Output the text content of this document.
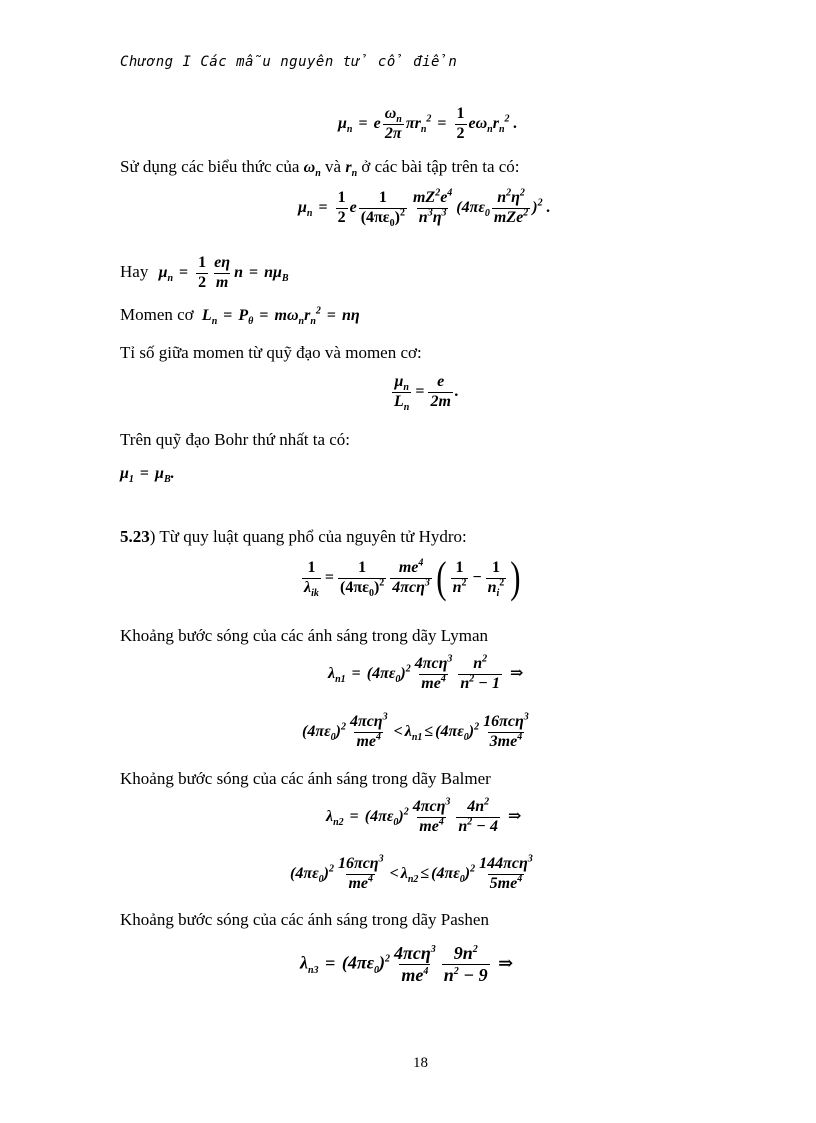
Chương I Các mẫu nguyên tử cổ điển
$\mu_n = e \frac{\omega_n}{2\pi} \pi r_n^2 = \frac{1}{2} e\omega_nr_n^2$ .
Sử dụng các biểu thức của $\omega_n$ và $r_n$ ở các bài tập trên ta có:
$\mu_n = \frac{1}{2}$ e $\frac{1}{(4\pi\varepsilon_0)^2} \frac{mZ^2e^4}{n^3\eta^3} (4\pi\varepsilon_0 \frac{n^2\eta^2}{mZe^2} )^2$ .
Hay $\mu_n = \frac{1}{2} \frac{e\eta}{m}$ $n = n\mu_B$
Momen cơ $L_n = P_\theta = m\omega_nr_n^2 = n\eta$
Tỉ số giữa momen từ quỹ đạo và momen cơ:
$\frac{\mu_n}{L_n} = \frac{e}{2m}$ .
Trên quỹ đạo Bohr thứ nhất ta có:
$\mu_1 = \mu_B$.
5.23) Từ quy luật quang phổ của nguyên tử Hydro:
$\frac{1}{\lambda_{ik}} = \frac{1}{(4\pi\varepsilon_0)^2} \frac{me^4}{4\pi c\eta^3}$ ( $\frac{1}{n^2} - \frac{1}{n_i^2}$ )
Khoảng bước sóng của các ánh sáng trong dãy Lyman
$\lambda_{n1} = (4\pi\varepsilon_0)^2 \frac{4\pi c\eta^3}{me^4} \frac{n^2}{n^2 - 1}$ ⇒
$(4\pi\varepsilon_0)^2 \frac{4\pi c\eta^3}{me^4} < \lambda_{n1} \le (4\pi\varepsilon_0)^2 \frac{16\pi c\eta^3}{3me^4}$
Khoảng bước sóng của các ánh sáng trong dãy Balmer
$\lambda_{n2} = (4\pi\varepsilon_0)^2 \frac{4\pi c\eta^3}{me^4} \frac{4n^2}{n^2 - 4}$ ⇒
$(4\pi\varepsilon_0)^2 \frac{16\pi c\eta^3}{me^4} < \lambda_{n2} \le (4\pi\varepsilon_0)^2 \frac{144\pi c\eta^3}{5me^4}$
Khoảng bước sóng của các ánh sáng trong dãy Pashen
$\lambda_{n3} = (4\pi\varepsilon_0)^2 \frac{4\pi c\eta^3}{me^4} \frac{9n^2}{n^2 - 9}$ ⇒
18
